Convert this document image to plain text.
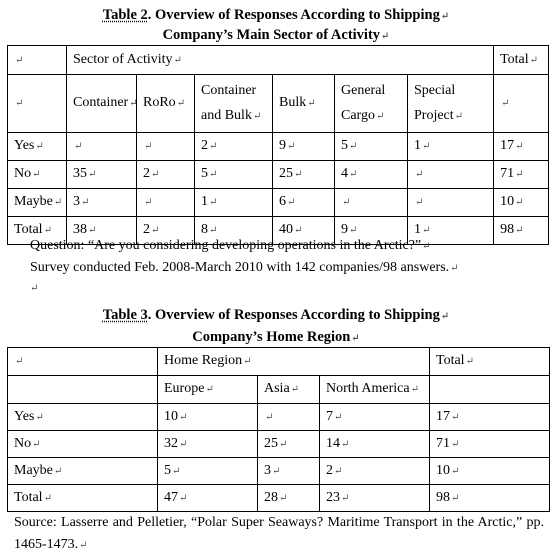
Table 2. Overview of Responses According to Shipping↵
Company’s Main Sector of Activity↵
↵	Sector of Activity↵						Total↵
↵	Container↵	RoRo↵	Container and Bulk↵	Bulk↵	General Cargo↵	Special Project↵	↵
Yes↵	↵	↵	2↵	9↵	5↵	1↵	17↵
No↵	35↵	2↵	5↵	25↵	4↵	↵	71↵
Maybe↵	3↵	↵	1↵	6↵	↵	↵	10↵
Total↵	38↵	2↵	8↵	40↵	9↵	1↵	98↵
Question: “Are you considering developing operations in the Arctic?”↵
Survey conducted Feb. 2008-March 2010 with 142 companies/98 answers.↵
↵
Table 3. Overview of Responses According to Shipping↵
Company’s Home Region↵
↵	Home Region↵			Total↵
	Europe↵	Asia↵	North America↵	
Yes↵	10↵	↵	7↵	17↵
No↵	32↵	25↵	14↵	71↵
Maybe↵	5↵	3↵	2↵	10↵
Total↵	47↵	28↵	23↵	98↵
Source: Lasserre and Pelletier, “Polar Super Seaways? Maritime Transport in the Arctic,” pp. 1465-1473.↵
